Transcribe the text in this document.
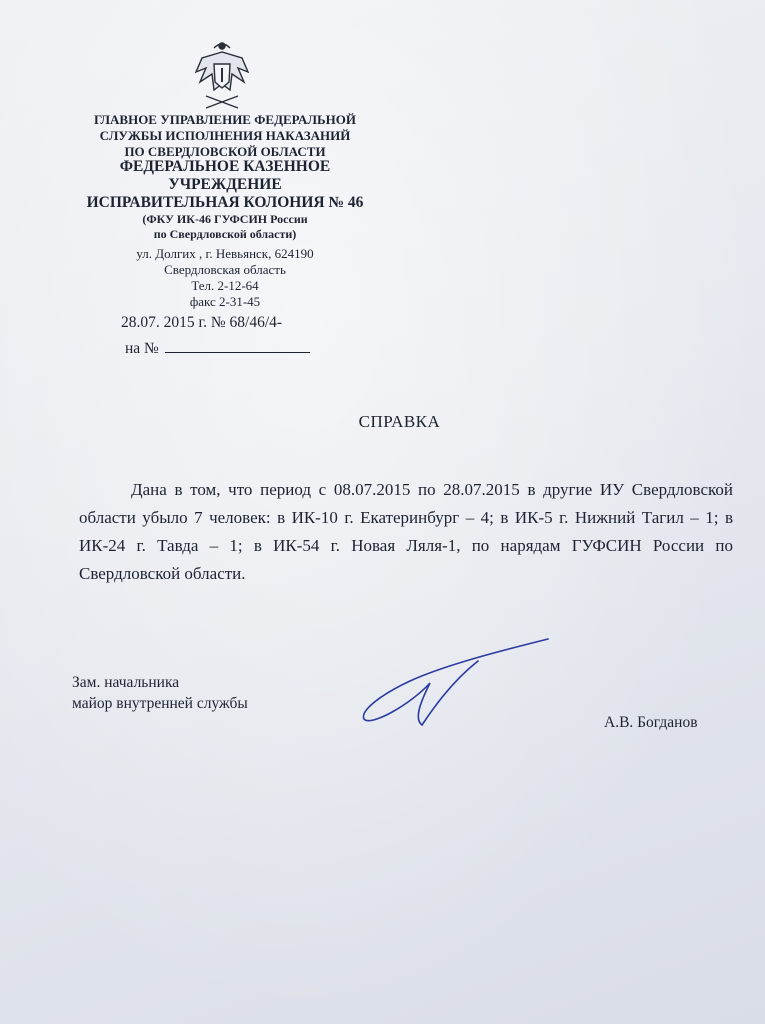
ГЛАВНОЕ УПРАВЛЕНИЕ ФЕДЕРАЛЬНОЙ
СЛУЖБЫ ИСПОЛНЕНИЯ НАКАЗАНИЙ
ПО СВЕРДЛОВСКОЙ ОБЛАСТИ
ФЕДЕРАЛЬНОЕ КАЗЕННОЕ
УЧРЕЖДЕНИЕ
ИСПРАВИТЕЛЬНАЯ КОЛОНИЯ № 46
(ФКУ ИК-46 ГУФСИН России
по Свердловской области)
ул. Долгих , г. Невьянск, 624190
Свердловская область
Тел. 2-12-64
факс 2-31-45
28.07. 2015 г. № 68/46/4-
на №
СПРАВКА
Дана в том, что период с 08.07.2015 по 28.07.2015 в другие ИУ Свердловской области убыло 7 человек: в ИК-10 г. Екатеринбург – 4; в ИК-5 г. Нижний Тагил – 1; в ИК-24 г. Тавда – 1; в ИК-54 г. Новая Ляля-1, по нарядам ГУФСИН России по Свердловской области.
Зам. начальника
майор внутренней службы
А.В. Богданов
